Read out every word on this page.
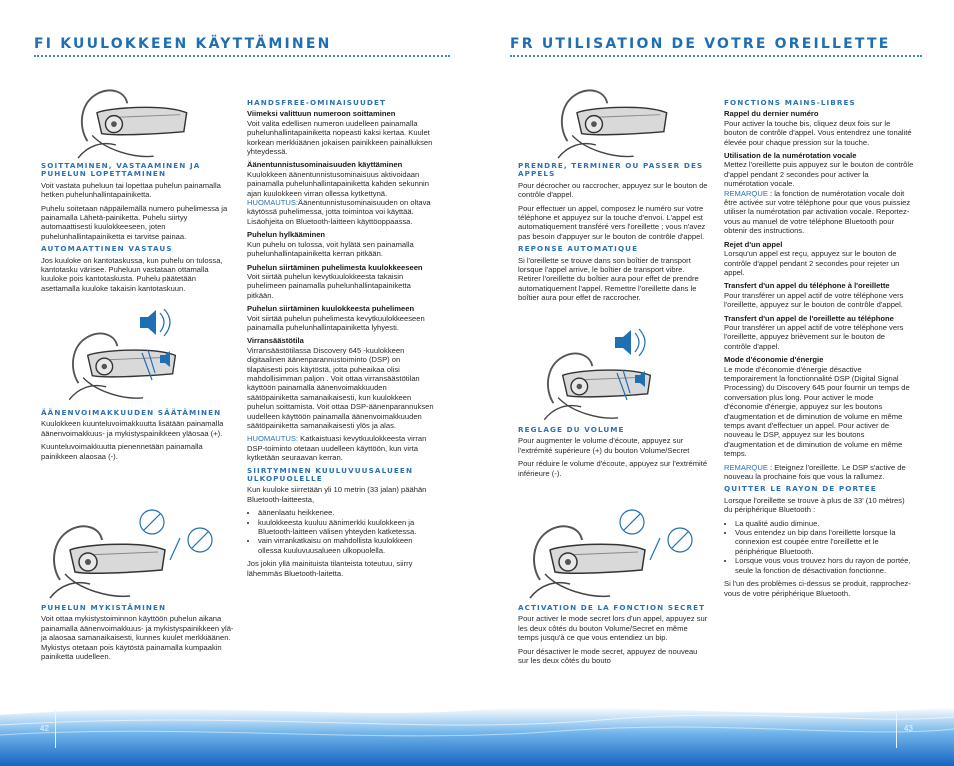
FI KUULOKKEEN KÄYTTÄMINEN	FR UTILISATION DE VOTRE OREILLETTE
SOITTAMINEN, VASTAAMINEN JA PUHELUN LOPETTAMINEN

Voit vastata puheluun tai lopettaa puhelun painamalla hetken puhelunhallintapainiketta.

Puhelu soitetaan näppäilemällä numero puhelimessa ja painamalla Lähetä-painiketta. Puhelu siirtyy automaattisesti kuulokkeeseen, joten puhelunhallintapainiketta ei tarvitse painaa.

AUTOMAATTINEN VASTAUS

Jos kuuloke on kantotaskussa, kun puhelu on tulossa, kantotasku värisee. Puheluun vastataan ottamalla kuuloke pois kantotaskusta. Puhelu päätetään asettamalla kuuloke takaisin kantotaskuun.

ÄÄNENVOIMAKKUUDEN SÄÄTÄMINEN

Kuulokkeen kuunteluvoimakkuutta lisätään painamalla äänenvoimakkuus- ja mykistyspainikkeen yläosaa (+).

Kuunteluvoimakkuutta pienennetään painamalla painikkeen alaosaa (-).

PUHELUN MYKISTÄMINEN

Voit ottaa mykistystoiminnon käyttöön puhelun aikana painamalla äänenvoimakkuus- ja mykistyspainikkeen ylä- ja alaosaa samanaikaisesti, kunnes kuulet merkkiäänen.

Mykistys otetaan pois käytöstä painamalla kumpaakin painiketta uudelleen.

HANDSFREE-OMINAISUUDET
Viimeksi valittuun numeroon soittaminen

Voit valita edellisen numeron uudelleen painamalla puhelunhallintapainiketta nopeasti kaksi kertaa. Kuulet korkean merkkiäänen jokaisen painikkeen painalluksen yhteydessä.

Äänentunnistusominaisuuden käyttäminen

Kuulokkeen äänentunnistusominaisuus aktivoidaan painamalla puhelunhallintapainiketta kahden sekunnin ajan kuulokkeen virran ollessa kytkettynä.

HUOMAUTUS:Äänentunnistusominaisuuden on oltava käytössä puhelimessa, jotta toimintoa voi käyttää. Lisäohjeita on Bluetooth-laitteen käyttöoppaassa.

Puhelun hylkääminen

Kun puhelu on tulossa, voit hylätä sen painamalla puhelunhallintapainiketta kerran pitkään.

Puhelun siirtäminen puhelimesta kuulokkeeseen

Voit siirtää puhelun kevytkuulokkeesta takaisin puhelimeen painamalla puhelunhallintapainiketta pitkään.

Puhelun siirtäminen kuulokkeesta puhelimeen

Voit siirtää puhelun puhelimesta kevytkuulokkeeseen painamalla puhelunhallintapainiketta lyhyesti.

Virransäästötila

Virransäästötilassa Discovery 645 -kuulokkeen digitaalinen äänenparannustoiminto (DSP) on tilapäisesti pois käytöstä, jotta puheaikaa olisi mahdollisimman paljon . Voit ottaa virransäästötilan käyttöön painamalla äänenvoimakkuuden säätöpainiketta samanaikaisesti, kun kuulokkeen puhelun soittamista. Voit ottaa DSP-äänenparannuksen uudelleen käyttöön painamalla äänenvoimakkuuden säätöpainiketta samanaikaisesti ylös ja alas.

HUOMAUTUS: Katkaistuasi kevytkuulokkeesta virran DSP-toiminto otetaan uudelleen käyttöön, kun virta kytketään seuraavan kerran.

SIIRTYMINEN KUULUVUUSALUEEN ULKOPUOLELLE

Kun kuuloke siirretään yli 10 metrin (33 jalan) päähän Bluetooth-laitteesta,

• äänenlaatu heikkenee.
• kuulokkeesta kuuluu äänimerkki kuulokkeen ja Bluetooth-laitteen välisen yhteyden katketessa.
• vain virrankatkaisu on mahdollista kuulokkeen ollessa kuuluvuusalueen ulkopuolella.

Jos jokin yllä mainituista tilanteista toteutuu, siirry lähemmäs Bluetooth-laitetta.

PRENDRE, TERMINER OU PASSER DES APPELS

Pour décrocher ou raccrocher, appuyez sur le bouton de contrôle d'appel.

Pour effectuer un appel, composez le numéro sur votre téléphone et appuyez sur la touche d'envoi. L'appel est automatiquement transféré vers l'oreillette ; vous n'avez pas besoin d'appuyer sur le bouton de contrôle d'appel.

REPONSE AUTOMATIQUE

Si l'oreillette se trouve dans son boîtier de transport lorsque l'appel arrive, le boîtier de transport vibre. Retirer l'oreillette du boîtier aura pour effet de prendre automatiquement l'appel. Remettre l'oreillette dans le boîtier aura pour effet de raccrocher.

REGLAGE DU VOLUME

Pour augmenter le volume d'écoute, appuyez sur l'extrémité supérieure (+) du bouton Volume/Secret

Pour réduire le volume d'écoute, appuyez sur l'extrémité inférieure (-).

ACTIVATION DE LA FONCTION SECRET

Pour activer le mode secret lors d'un appel, appuyez sur les deux côtés du bouton Volume/Secret en même temps jusqu'à ce que vous entendiez un bip.

Pour désactiver le mode secret, appuyez de nouveau sur les deux côtés du bouto

FONCTIONS MAINS-LIBRES
Rappel du dernier numéro

Pour activer la touche bis, cliquez deux fois sur le bouton de contrôle d'appel. Vous entendrez une tonalité élevée pour chaque pression sur la touche.

Utilisation de la numérotation vocale

Mettez l'oreillette puis appuyez sur le bouton de contrôle d'appel pendant 2 secondes pour activer la numérotation vocale.

REMARQUE : la fonction de numérotation vocale doit être activée sur votre téléphone pour que vous puissiez utiliser la numérotation par activation vocale. Reportez-vous au manuel de votre téléphone Bluetooth pour obtenir des instructions.

Rejet d'un appel

Lorsqu'un appel est reçu, appuyez sur le bouton de contrôle d'appel pendant 2 secondes pour rejeter un appel.

Transfert d'un appel du téléphone à l'oreillette

Pour transférer un appel actif de votre téléphone vers l'oreillette, appuyez sur le bouton de contrôle d'appel.

Transfert d'un appel de l'oreillette au téléphone

Pour transférer un appel actif de votre téléphone vers l'oreillette, appuyez brièvement sur le bouton de contrôle d'appel.

Mode d'économie d'énergie

Le mode d'économie d'énergie désactive temporairement la fonctionnalité DSP (Digital Signal Processing) du Discovery 645 pour fournir un temps de conversation plus long. Pour activer le mode d'économie d'énergie, appuyez sur les boutons d'augmentation et de diminution de volume en même temps avant d'effectuer un appel. Pour activer de nouveau le DSP, appuyez sur les boutons d'augmentation et de diminution de volume en même temps.

REMARQUE : Eteignez l'oreillette. Le DSP s'active de nouveau la prochaine fois que vous la rallumez.

QUITTER LE RAYON DE PORTEE

Lorsque l'oreillette se trouve à plus de 33' (10 mètres) du périphérique Bluetooth :

• La qualité audio diminue.
• Vous entendez un bip dans l'oreillette lorsque la connexion est coupée entre l'oreillette et le périphérique Bluetooth.
• Lorsque vous vous trouvez hors du rayon de portée, seule la fonction de désactivation fonctionne.

Si l'un des problèmes ci-dessus se produit, rapprochez-vous de votre périphérique Bluetooth.

42	43
